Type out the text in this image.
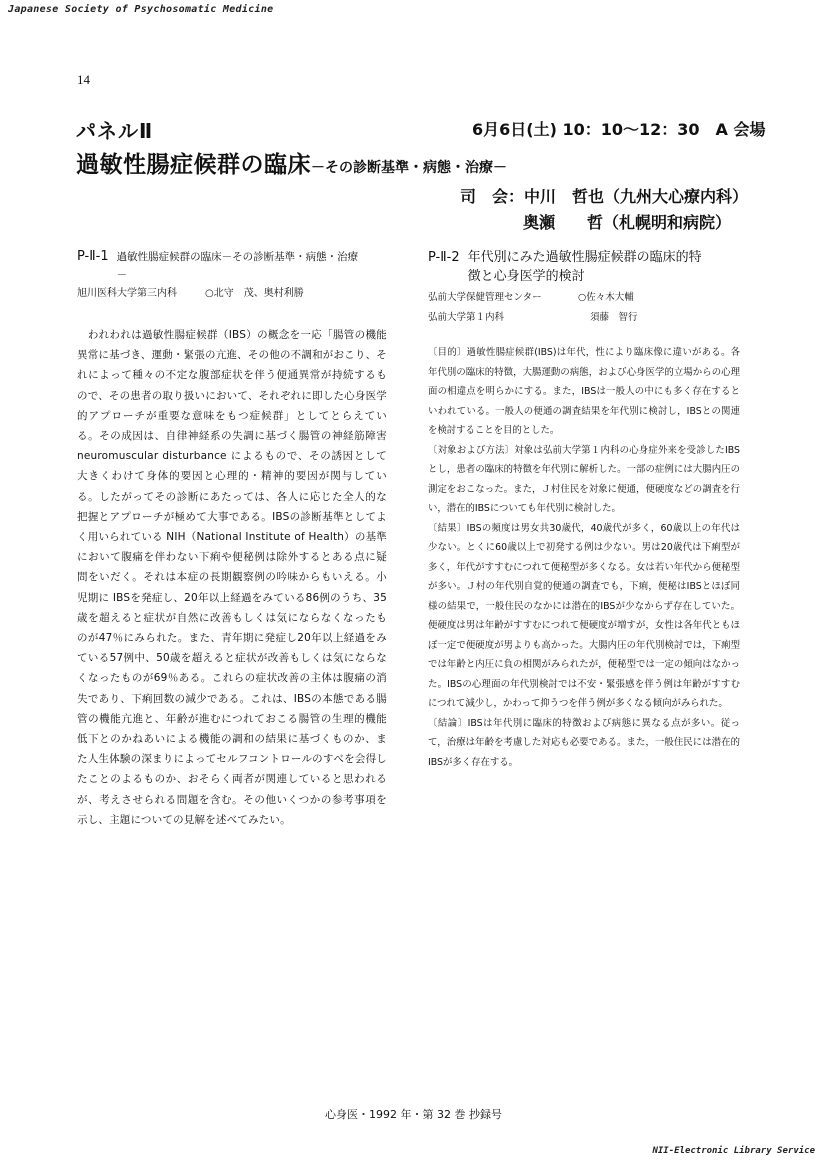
Japanese Society of Psychosomatic Medicine
14
パネルⅡ	6月6日(土) 10：10～12：30　A 会場
過敏性腸症候群の臨床－その診断基準・病態・治療－
司　会：中川　哲也（九州大心療内科）
奥瀬　　哲（札幌明和病院）
P-Ⅱ-1 過敏性腸症候群の臨床－その診断基準・病態・治療－
旭川医科大学第三内科	○北守　茂、奥村利勝
　われわれは過敏性腸症候群（IBS）の概念を一応「腸管の機能異常に基づき、運動・緊張の亢進、その他の不調和がおこり、それによって種々の不定な腹部症状を伴う便通異常が持続するもので、その患者の取り扱いにおいて、それぞれに即した心身医学的アプローチが重要な意味をもつ症候群」としてとらえている。その成因は、自律神経系の失調に基づく腸管の神経筋障害 neuromuscular disturbance によるもので、その誘因として大きくわけて身体的要因と心理的・精神的要因が関与している。したがってその診断にあたっては、各人に応じた全人的な把握とアプローチが極めて大事である。IBSの診断基準としてよく用いられている NIH（National Institute of Health）の基準において腹痛を伴わない下痢や便秘例は除外するとある点に疑問をいだく。それは本症の長期観察例の吟味からもいえる。小児期に IBSを発症し、20年以上経過をみている86例のうち、35歳を超えると症状が自然に改善もしくは気にならなくなったものが47％にみられた。また、青年期に発症し20年以上経過をみている57例中、50歳を超えると症状が改善もしくは気にならなくなったものが69％ある。これらの症状改善の主体は腹痛の消失であり、下痢回数の減少である。これは、IBSの本態である腸管の機能亢進と、年齢が進むにつれておこる腸管の生理的機能低下とのかねあいによる機能の調和の結果に基づくものか、また人生体験の深まりによってセルフコントロールのすべを会得したことのよるものか、おそらく両者が関連していると思われるが、考えさせられる問題を含む。その他いくつかの参考事項を示し、主題についての見解を述べてみたい。
P-Ⅱ-2 年代別にみた過敏性腸症候群の臨床的特徴と心身医学的検討
弘前大学保健管理センター	○佐々木大輔
弘前大学第１内科	須藤　智行

〔目的〕過敏性腸症候群(IBS)は年代，性により臨床像に違いがある。各年代別の臨床的特徴，大腸運動の病態，および心身医学的立場からの心理面の相違点を明らかにする。また，IBSは一般人の中にも多く存在するといわれている。一般人の便通の調査結果を年代別に検討し，IBSとの関連を検討することを目的とした。

〔対象および方法〕対象は弘前大学第１内科の心身症外来を受診したIBSとし，患者の臨床的特徴を年代別に解析した。一部の症例には大腸内圧の測定をおこなった。また，Ｊ村住民を対象に便通，便硬度などの調査を行い，潜在的IBSについても年代別に検討した。

〔結果〕IBSの頻度は男女共30歳代，40歳代が多く，60歳以上の年代は少ない。とくに60歳以上で初発する例は少ない。男は20歳代は下痢型が多く，年代がすすむにつれて便秘型が多くなる。女は若い年代から便秘型が多い。Ｊ村の年代別自覚的便通の調査でも，下痢，便秘はIBSとほぼ同様の結果で，一般住民のなかには潜在的IBSが少なからず存在していた。便硬度は男は年齢がすすむにつれて便硬度が増すが，女性は各年代ともほぼ一定で便硬度が男よりも高かった。大腸内圧の年代別検討では，下痢型では年齢と内圧に負の相関がみられたが，便秘型では一定の傾向はなかった。IBSの心理面の年代別検討では不安・緊張感を伴う例は年齢がすすむにつれて減少し，かわって抑うつを伴う例が多くなる傾向がみられた。

〔結論〕IBSは年代別に臨床的特徴および病態に異なる点が多い。従って，治療は年齢を考慮した対応も必要である。また，一般住民には潜在的IBSが多く存在する。

心身医・1992 年・第 32 巻 抄録号
NII-Electronic Library Service
